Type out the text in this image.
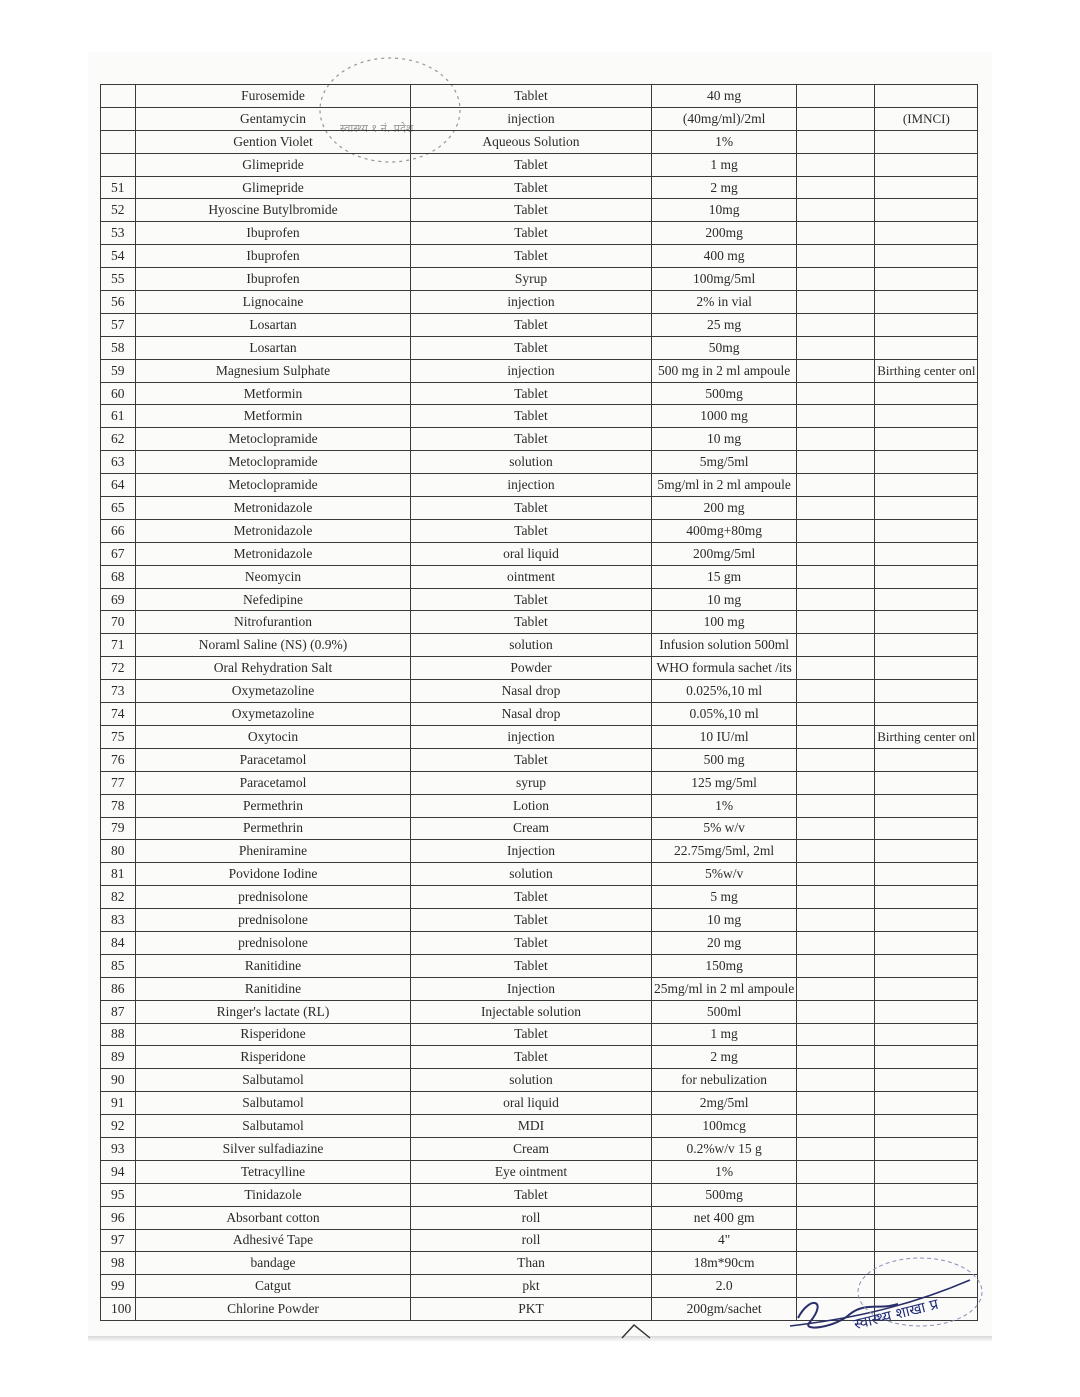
स्वास्थ्य १ नं. प्रदेश
	Furosemide	Tablet	40 mg		
	Gentamycin	injection	(40mg/ml)/2ml		(IMNCI)
	Gention Violet	Aqueous Solution	1%		
	Glimepride	Tablet	1 mg		
51	Glimepride	Tablet	2 mg		
52	Hyoscine Butylbromide	Tablet	10mg		
53	Ibuprofen	Tablet	200mg		
54	Ibuprofen	Tablet	400 mg		
55	Ibuprofen	Syrup	100mg/5ml		
56	Lignocaine	injection	2% in vial		
57	Losartan	Tablet	25 mg		
58	Losartan	Tablet	50mg		
59	Magnesium Sulphate	injection	500 mg in 2 ml ampoule		Birthing center onl
60	Metformin	Tablet	500mg		
61	Metformin	Tablet	1000 mg		
62	Metoclopramide	Tablet	10 mg		
63	Metoclopramide	solution	5mg/5ml		
64	Metoclopramide	injection	5mg/ml in 2 ml ampoule		
65	Metronidazole	Tablet	200 mg		
66	Metronidazole	Tablet	400mg+80mg		
67	Metronidazole	oral liquid	200mg/5ml		
68	Neomycin	ointment	15 gm		
69	Nefedipine	Tablet	10 mg		
70	Nitrofurantion	Tablet	100 mg		
71	Noraml Saline (NS) (0.9%)	solution	Infusion solution 500ml		
72	Oral Rehydration Salt	Powder	WHO formula sachet /its		
73	Oxymetazoline	Nasal drop	0.025%,10 ml		
74	Oxymetazoline	Nasal drop	0.05%,10 ml		
75	Oxytocin	injection	10 IU/ml		Birthing center onl
76	Paracetamol	Tablet	500 mg		
77	Paracetamol	syrup	125 mg/5ml		
78	Permethrin	Lotion	1%		
79	Permethrin	Cream	5% w/v		
80	Pheniramine	Injection	22.75mg/5ml, 2ml		
81	Povidone Iodine	solution	5%w/v		
82	prednisolone	Tablet	5 mg		
83	prednisolone	Tablet	10 mg		
84	prednisolone	Tablet	20 mg		
85	Ranitidine	Tablet	150mg		
86	Ranitidine	Injection	25mg/ml in 2 ml ampoule		
87	Ringer's lactate (RL)	Injectable solution	500ml		
88	Risperidone	Tablet	1 mg		
89	Risperidone	Tablet	2 mg		
90	Salbutamol	solution	for nebulization		
91	Salbutamol	oral liquid	2mg/5ml		
92	Salbutamol	MDI	100mcg		
93	Silver sulfadiazine	Cream	0.2%w/v 15 g		
94	Tetracylline	Eye ointment	1%		
95	Tinidazole	Tablet	500mg		
96	Absorbant cotton	roll	net 400 gm		
97	Adhesivé Tape	roll	4"		
98	bandage	Than	18m*90cm		
99	Catgut	pkt	2.0		
100	Chlorine Powder	PKT	200gm/sachet			स्वास्थ्य शाखा प्र
